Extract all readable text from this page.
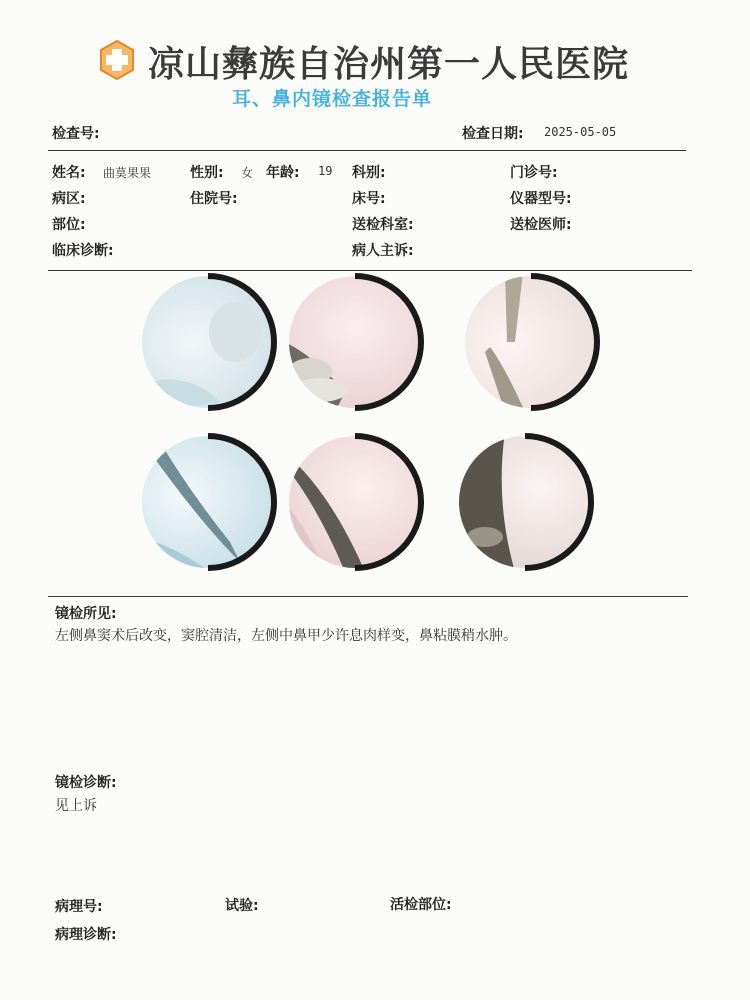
凉山彝族自治州第一人民医院
耳、鼻内镜检查报告单
检查号:	检查日期: 2025-05-05
姓名: 曲莫果果	性别: 女 年龄: 19 科别:	门诊号:
病区:	住院号:	床号:	仪器型号:
部位:	送检科室:	送检医师:
临床诊断:	病人主诉:
镜检所见:
左侧鼻窦术后改变，窦腔清洁，左侧中鼻甲少许息肉样变，鼻粘膜稍水肿。
镜检诊断:
见上诉
病理号:	试验:	活检部位:
病理诊断:
